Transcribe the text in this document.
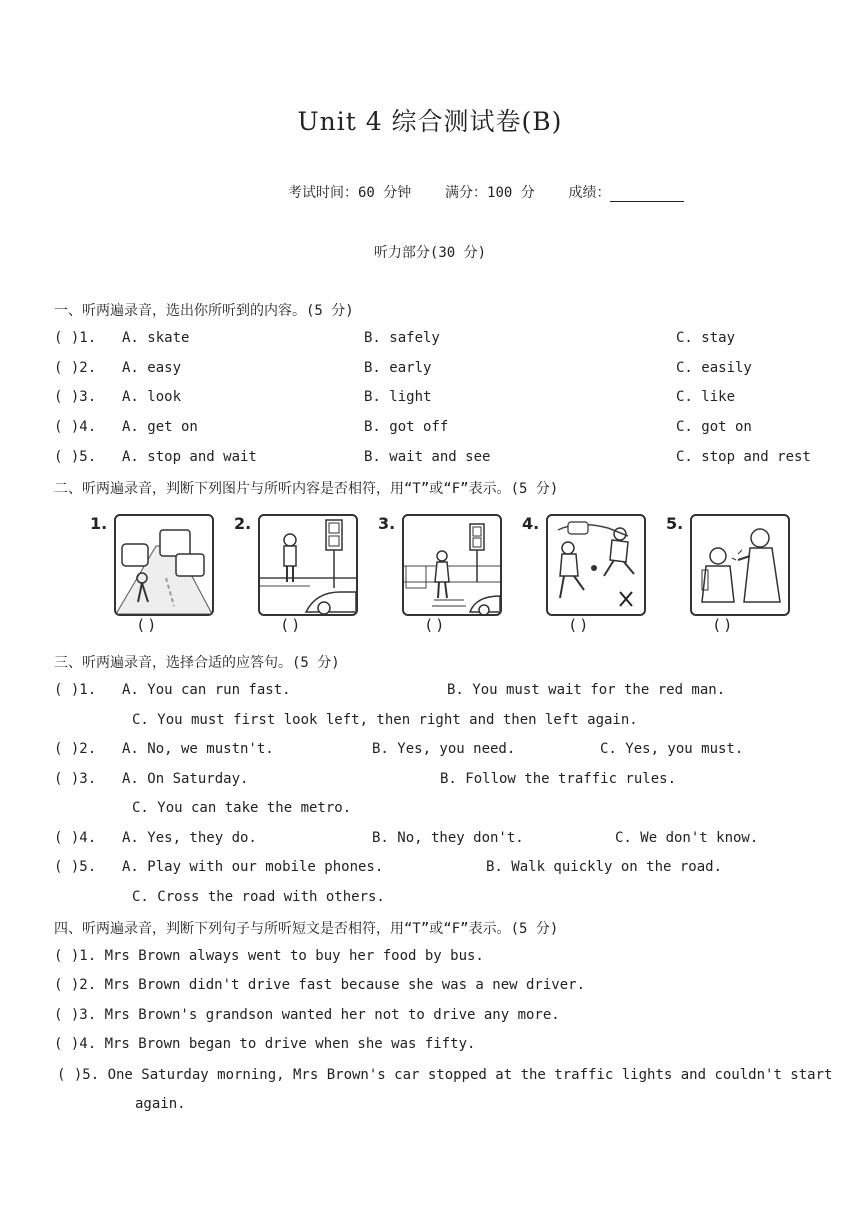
Unit 4 综合测试卷(B)
考试时间：60 分钟 满分：100 分 成绩：
听力部分(30 分)
一、听两遍录音，选出你所听到的内容。(5 分)
( )1. A. skate	B. safely	C. stay
( )2. A. easy	B. early	C. easily
( )3. A. look	B. light	C. like
( )4. A. get on	B. got off	C. got on
( )5. A. stop and wait	B. wait and see	C. stop and rest
二、听两遍录音，判断下列图片与所听内容是否相符，用“T”或“F”表示。(5 分)
1.
( )
2.
( )
3.
( )
4.
( )
5.
( )
三、听两遍录音，选择合适的应答句。(5 分)
( )1. A. You can run fast.	B. You must wait for the red man.
C. You must first look left, then right and then left again.
( )2. A. No, we mustn't.	B. Yes, you need.	C. Yes, you must.
( )3. A. On Saturday.	B. Follow the traffic rules.
C. You can take the metro.
( )4. A. Yes, they do.	B. No, they don't.	C. We don't know.
( )5. A. Play with our mobile phones.	B. Walk quickly on the road.
C. Cross the road with others.
四、听两遍录音，判断下列句子与所听短文是否相符，用“T”或“F”表示。(5 分)
( )1. Mrs Brown always went to buy her food by bus.
( )2. Mrs Brown didn't drive fast because she was a new driver.
( )3. Mrs Brown's grandson wanted her not to drive any more.
( )4. Mrs Brown began to drive when she was fifty.
( )5. One Saturday morning, Mrs Brown's car stopped at the traffic lights and couldn't start
again.
